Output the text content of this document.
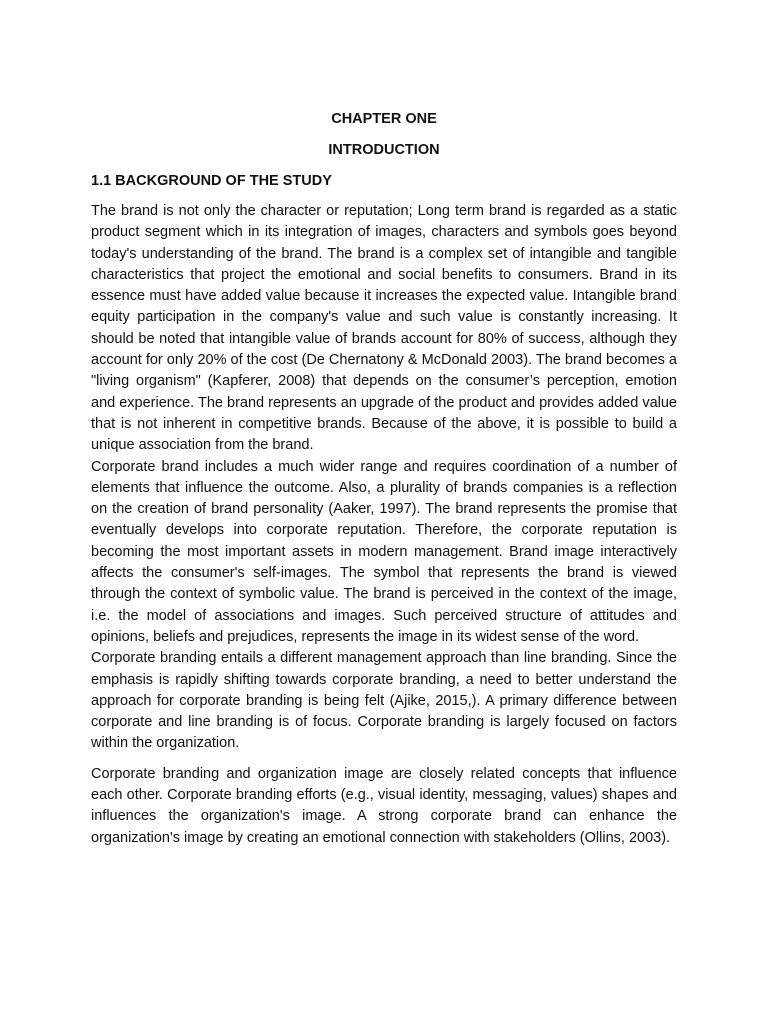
CHAPTER ONE
INTRODUCTION
1.1 BACKGROUND OF THE STUDY

The brand is not only the character or reputation; Long term brand is regarded as a static product segment which in its integration of images, characters and symbols goes beyond today's understanding of the brand. The brand is a complex set of intangible and tangible characteristics that project the emotional and social benefits to consumers. Brand in its essence must have added value because it increases the expected value. Intangible brand equity participation in the company's value and such value is constantly increasing. It should be noted that intangible value of brands account for 80% of success, although they account for only 20% of the cost (De Chernatony & McDonald 2003). The brand becomes a "living organism" (Kapferer, 2008) that depends on the consumer’s perception, emotion and experience. The brand represents an upgrade of the product and provides added value that is not inherent in competitive brands. Because of the above, it is possible to build a unique association from the brand.

Corporate brand includes a much wider range and requires coordination of a number of elements that influence the outcome. Also, a plurality of brands companies is a reflection on the creation of brand personality (Aaker, 1997). The brand represents the promise that eventually develops into corporate reputation. Therefore, the corporate reputation is becoming the most important assets in modern management. Brand image interactively affects the consumer's self-images. The symbol that represents the brand is viewed through the context of symbolic value. The brand is perceived in the context of the image, i.e. the model of associations and images. Such perceived structure of attitudes and opinions, beliefs and prejudices, represents the image in its widest sense of the word.

Corporate branding entails a different management approach than line branding. Since the emphasis is rapidly shifting towards corporate branding, a need to better understand the approach for corporate branding is being felt (Ajike, 2015,). A primary difference between corporate and line branding is of focus. Corporate branding is largely focused on factors within the organization.

Corporate branding and organization image are closely related concepts that influence each other. Corporate branding efforts (e.g., visual identity, messaging, values) shapes and influences the organization's image. A strong corporate brand can enhance the organization's image by creating an emotional connection with stakeholders (Ollins, 2003).
